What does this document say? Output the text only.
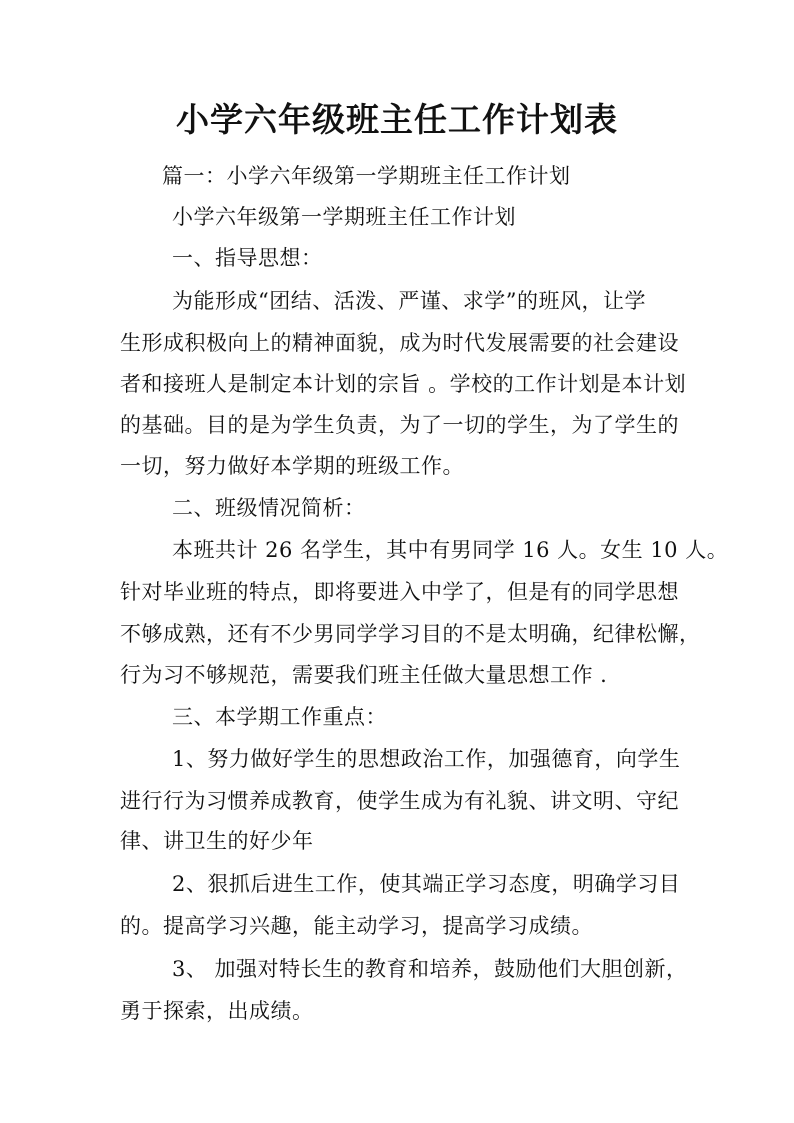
小学六年级班主任工作计划表
篇一：小学六年级第一学期班主任工作计划
小学六年级第一学期班主任工作计划
一、指导思想：
为能形成“团结、活泼、严谨、求学”的班风，让学
生形成积极向上的精神面貌，成为时代发展需要的社会建设
者和接班人是制定本计划的宗旨 。学校的工作计划是本计划
的基础。目的是为学生负责，为了一切的学生，为了学生的
一切，努力做好本学期的班级工作。
二、班级情况简析：
本班共计 26 名学生，其中有男同学 16 人。女生 10 人。
针对毕业班的特点，即将要进入中学了，但是有的同学思想
不够成熟，还有不少男同学学习目的不是太明确，纪律松懈，
行为习不够规范，需要我们班主任做大量思想工作 .
三、本学期工作重点：
1、努力做好学生的思想政治工作，加强德育，向学生
进行行为习惯养成教育，使学生成为有礼貌、讲文明、守纪
律、讲卫生的好少年
2、狠抓后进生工作，使其端正学习态度，明确学习目
的。提高学习兴趣，能主动学习，提高学习成绩。
3、 加强对特长生的教育和培养，鼓励他们大胆创新，
勇于探索，出成绩。
